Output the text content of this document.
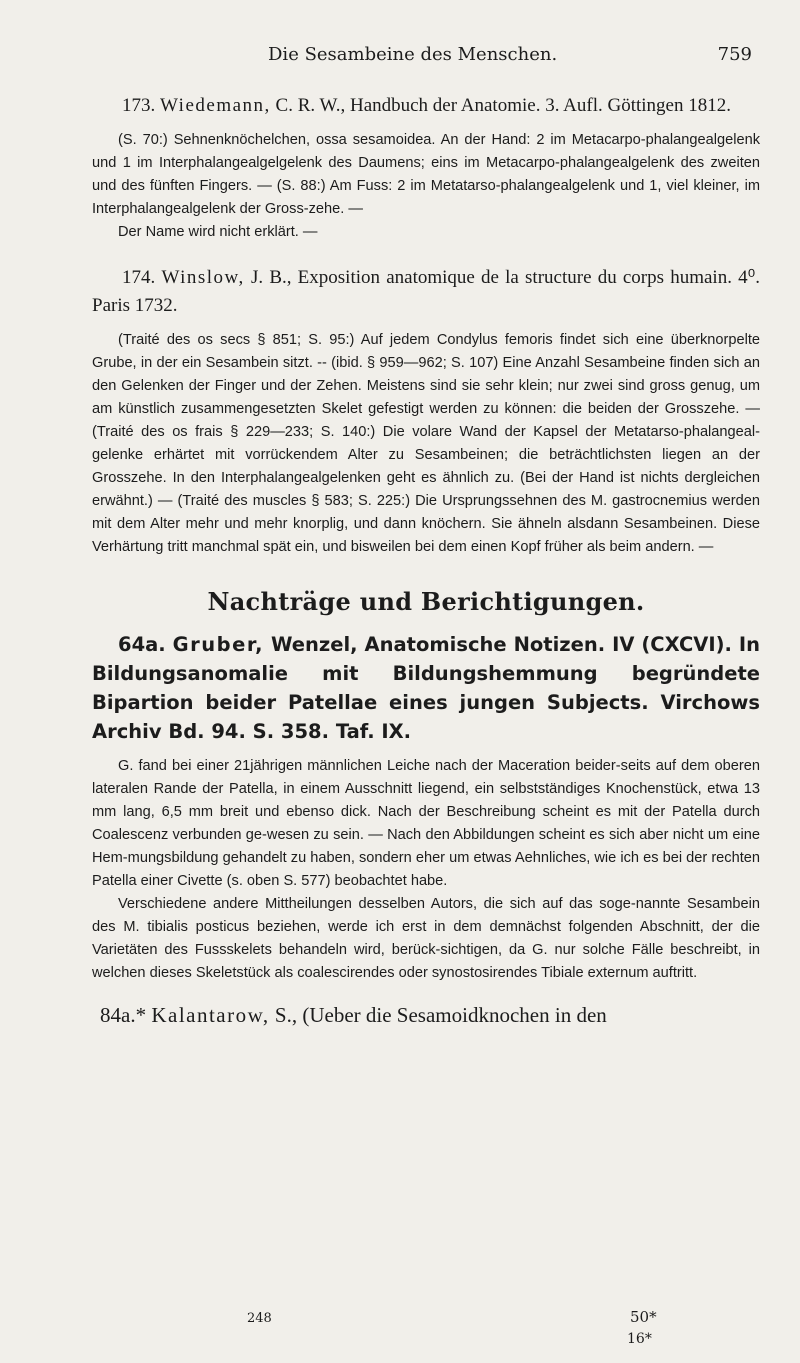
Die Sesambeine des Menschen.	759

173. Wiedemann, C. R. W., Handbuch der Anatomie. 3. Aufl. Göttingen 1812.

(S. 70:) Sehnenknöchelchen, ossa sesamoidea. An der Hand: 2 im Metacarpo-phalangealgelenk und 1 im Interphalangealgelgelenk des Daumens; eins im Metacarpo-phalangealgelenk des zweiten und des fünften Fingers. — (S. 88:) Am Fuss: 2 im Metatarso-phalangealgelenk und 1, viel kleiner, im Interphalangealgelenk der Gross-zehe. —

Der Name wird nicht erklärt. —

174. Winslow, J. B., Exposition anatomique de la structure du corps humain. 4⁰. Paris 1732.

(Traité des os secs § 851; S. 95:) Auf jedem Condylus femoris findet sich eine überknorpelte Grube, in der ein Sesambein sitzt. -- (ibid. § 959—962; S. 107) Eine Anzahl Sesambeine finden sich an den Gelenken der Finger und der Zehen. Meistens sind sie sehr klein; nur zwei sind gross genug, um am künstlich zusammengesetzten Skelet gefestigt werden zu können: die beiden der Grosszehe. — (Traité des os frais § 229—233; S. 140:) Die volare Wand der Kapsel der Metatarso-phalangeal-gelenke erhärtet mit vorrückendem Alter zu Sesambeinen; die beträchtlichsten liegen an der Grosszehe. In den Interphalangealgelenken geht es ähnlich zu. (Bei der Hand ist nichts dergleichen erwähnt.) — (Traité des muscles § 583; S. 225:) Die Ursprungssehnen des M. gastrocnemius werden mit dem Alter mehr und mehr knorplig, und dann knöchern. Sie ähneln alsdann Sesambeinen. Diese Verhärtung tritt manchmal spät ein, und bisweilen bei dem einen Kopf früher als beim andern. —

Nachträge und Berichtigungen.

64a. Gruber, Wenzel, Anatomische Notizen. IV (CXCVI). In Bildungsanomalie mit Bildungshemmung begründete Bipartion beider Patellae eines jungen Subjects. Virchows Archiv Bd. 94. S. 358. Taf. IX.

G. fand bei einer 21jährigen männlichen Leiche nach der Maceration beider-seits auf dem oberen lateralen Rande der Patella, in einem Ausschnitt liegend, ein selbstständiges Knochenstück, etwa 13 mm lang, 6,5 mm breit und ebenso dick. Nach der Beschreibung scheint es mit der Patella durch Coalescenz verbunden ge-wesen zu sein. — Nach den Abbildungen scheint es sich aber nicht um eine Hem-mungsbildung gehandelt zu haben, sondern eher um etwas Aehnliches, wie ich es bei der rechten Patella einer Civette (s. oben S. 577) beobachtet habe.

Verschiedene andere Mittheilungen desselben Autors, die sich auf das soge-nannte Sesambein des M. tibialis posticus beziehen, werde ich erst in dem demnächst folgenden Abschnitt, der die Varietäten des Fussskelets behandeln wird, berück-sichtigen, da G. nur solche Fälle beschreibt, in welchen dieses Skeletstück als coalescirendes oder synostosirendes Tibiale externum auftritt.

84a.* Kalantarow, S., (Ueber die Sesamoidknochen in den

248	50*
16*
